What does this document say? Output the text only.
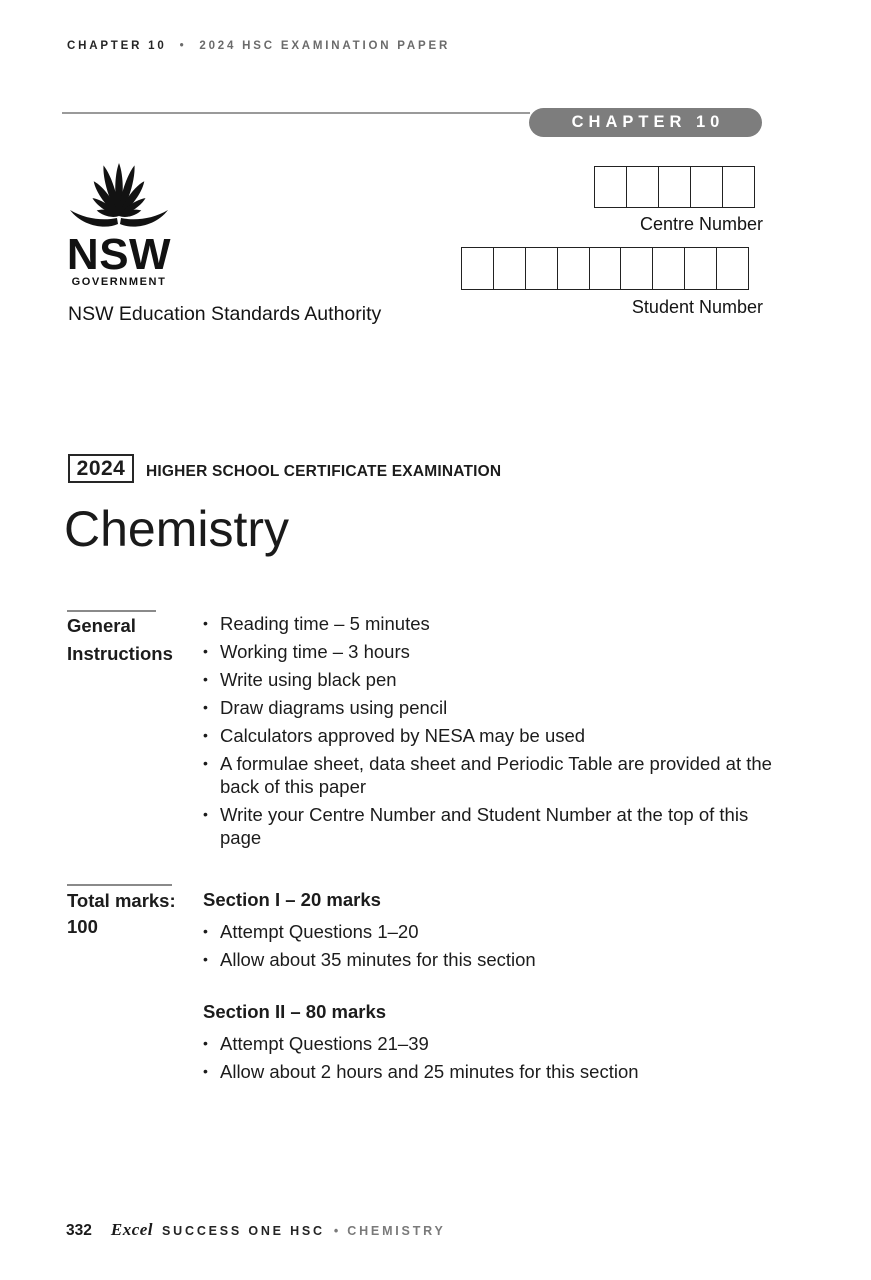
CHAPTER 10 • 2024 HSC EXAMINATION PAPER
CHAPTER 10
NSW
GOVERNMENT
NSW Education Standards Authority
Centre Number
Student Number
2024	HIGHER SCHOOL CERTIFICATE EXAMINATION
Chemistry
General
Instructions
•
Reading time – 5 minutes
•
Working time – 3 hours
•
Write using black pen
•
Draw diagrams using pencil
•
Calculators approved by NESA may be used
•
A formulae sheet, data sheet and Periodic Table are provided at the back of this paper
•
Write your Centre Number and Student Number at the top of this page
Total marks:
100
Section I – 20 marks
•
Attempt Questions 1–20
•
Allow about 35 minutes for this section
Section II – 80 marks
•
Attempt Questions 21–39
•
Allow about 2 hours and 25 minutes for this section
332 Excel SUCCESS ONE HSC • CHEMISTRY
